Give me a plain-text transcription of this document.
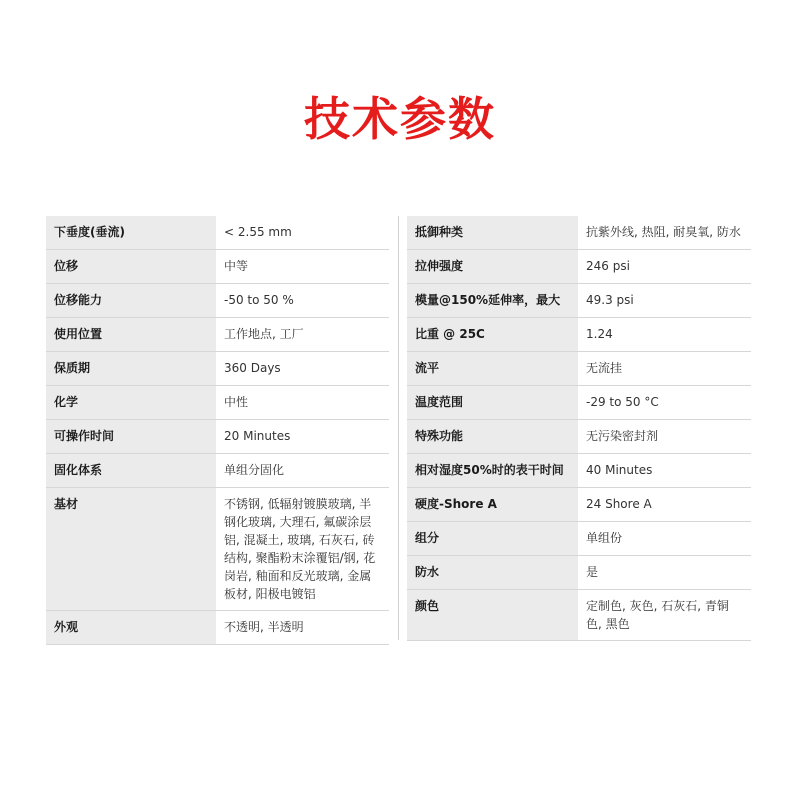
技术参数
下垂度(垂流)	< 2.55 mm
位移	中等
位移能力	-50 to 50 %
使用位置	工作地点, 工厂
保质期	360 Days
化学	中性
可操作时间	20 Minutes
固化体系	单组分固化
基材	不锈钢, 低辐射镀膜玻璃, 半钢化玻璃, 大理石, 氟碳涂层铝, 混凝土, 玻璃, 石灰石, 砖结构, 聚酯粉末涂覆铝/钢, 花岗岩, 釉面和反光玻璃, 金属板材, 阳极电镀铝
外观	不透明, 半透明
抵御种类	抗紫外线, 热阻, 耐臭氧, 防水
拉伸强度	246 psi
模量@150%延伸率，最大	49.3 psi
比重 @ 25C	1.24
流平	无流挂
温度范围	-29 to 50 °C
特殊功能	无污染密封剂
相对湿度50%时的表干时间	40 Minutes
硬度-Shore A	24 Shore A
组分	单组份
防水	是
颜色	定制色, 灰色, 石灰石, 青铜色, 黑色
